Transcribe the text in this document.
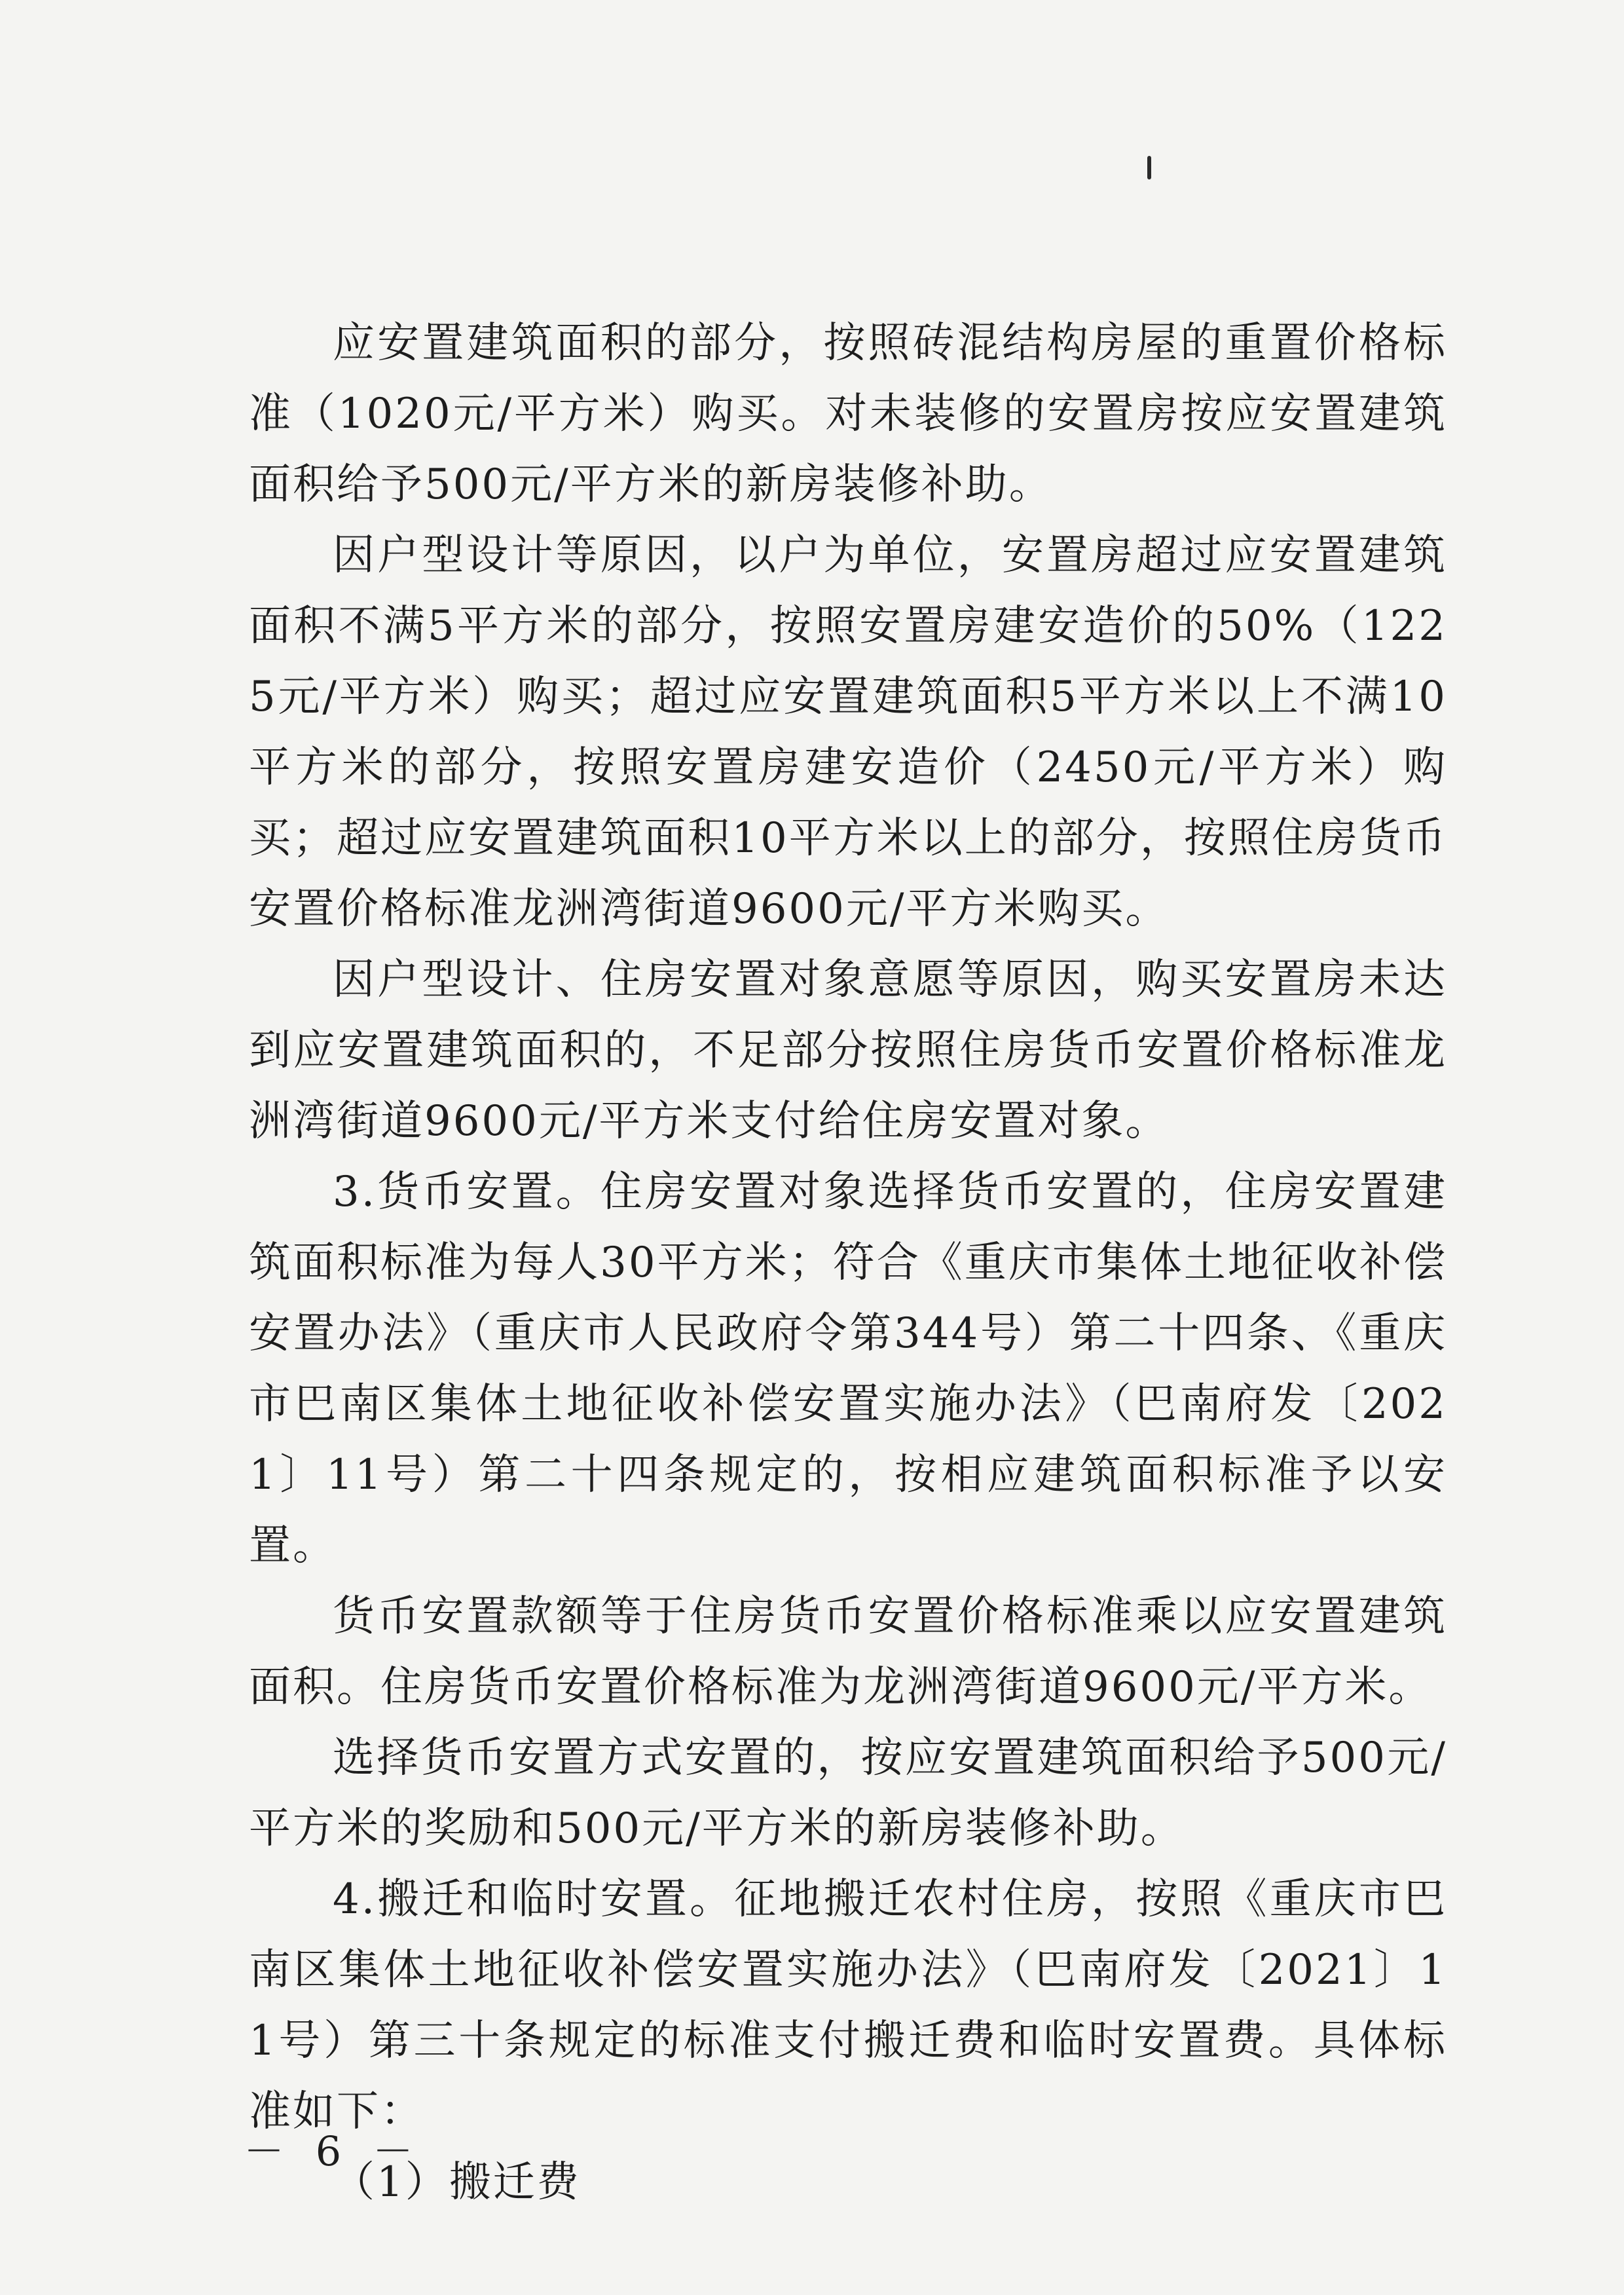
应安置建筑面积的部分，按照砖混结构房屋的重置价格标准（1020元/平方米）购买。对未装修的安置房按应安置建筑面积给予500元/平方米的新房装修补助。

因户型设计等原因，以户为单位，安置房超过应安置建筑面积不满5平方米的部分，按照安置房建安造价的50%（1225元/平方米）购买；超过应安置建筑面积5平方米以上不满10平方米的部分，按照安置房建安造价（2450元/平方米）购买；超过应安置建筑面积10平方米以上的部分，按照住房货币安置价格标准龙洲湾街道9600元/平方米购买。

因户型设计、住房安置对象意愿等原因，购买安置房未达到应安置建筑面积的，不足部分按照住房货币安置价格标准龙洲湾街道9600元/平方米支付给住房安置对象。

3.货币安置。住房安置对象选择货币安置的，住房安置建筑面积标准为每人30平方米；符合《重庆市集体土地征收补偿安置办法》（重庆市人民政府令第344号）第二十四条、《重庆市巴南区集体土地征收补偿安置实施办法》（巴南府发〔2021〕11号）第二十四条规定的，按相应建筑面积标准予以安置。

货币安置款额等于住房货币安置价格标准乘以应安置建筑面积。住房货币安置价格标准为龙洲湾街道9600元/平方米。

选择货币安置方式安置的，按应安置建筑面积给予500元/平方米的奖励和500元/平方米的新房装修补助。

4.搬迁和临时安置。征地搬迁农村住房，按照《重庆市巴南区集体土地征收补偿安置实施办法》（巴南府发〔2021〕11号）第三十条规定的标准支付搬迁费和临时安置费。具体标准如下：

（1）搬迁费

－ 6 －
